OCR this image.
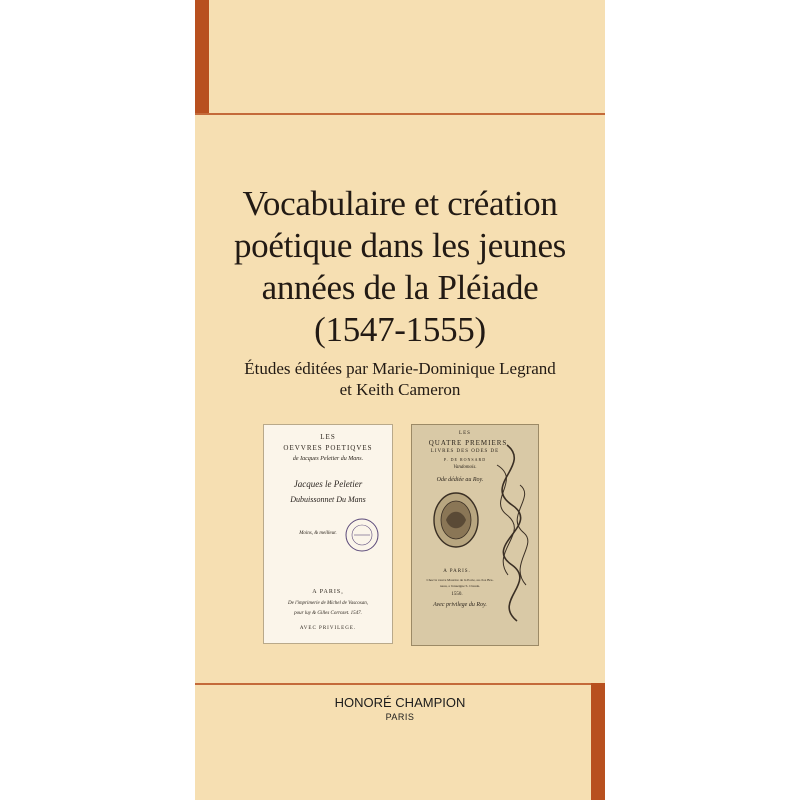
Vocabulaire et création
poétique dans les jeunes
années de la Pléiade
(1547-1555)
Études éditées par Marie-Dominique Legrand
et Keith Cameron
LES
OEVVRES POETIQVES
de Iacques Peletier du Mans.
Jacques le Peletier
Dubuissonnet Du Mans
Moins, & meilleur.
A PARIS,
De l'imprimerie de Michel de Vascosan,
pour luy & Gilles Corrozet. 1547.
AVEC PRIVILEGE.
LES
QUATRE PREMIERS
LIVRES DES ODES DE
P. DE RONSARD
Vandomois.
Ode dédiée au Roy.
A PARIS.
Chez la veuve Maurice de la Porte, au clos Bru-
neau, a l'enseigne S. Claude.
1550.
Avec privilege du Roy.
HONORÉ CHAMPION
PARIS
